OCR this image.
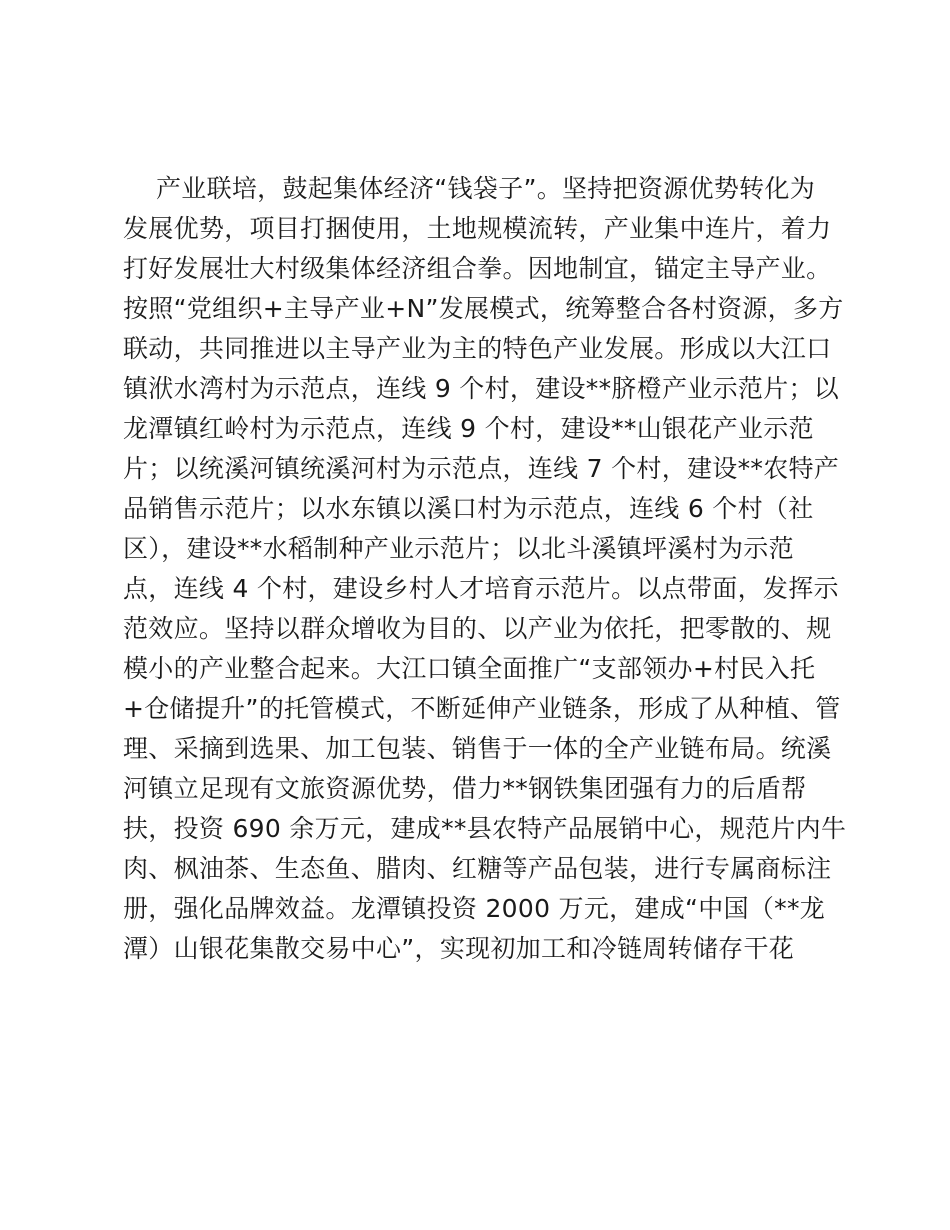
产业联培，鼓起集体经济“钱袋子”。坚持把资源优势转化为
发展优势，项目打捆使用，土地规模流转，产业集中连片，着力
打好发展壮大村级集体经济组合拳。因地制宜，锚定主导产业。
按照“党组织+主导产业+N”发展模式，统筹整合各村资源，多方
联动，共同推进以主导产业为主的特色产业发展。形成以大江口
镇洑水湾村为示范点，连线 9 个村，建设**脐橙产业示范片；以
龙潭镇红岭村为示范点，连线 9 个村，建设**山银花产业示范
片；以统溪河镇统溪河村为示范点，连线 7 个村，建设**农特产
品销售示范片；以水东镇以溪口村为示范点，连线 6 个村（社
区），建设**水稻制种产业示范片；以北斗溪镇坪溪村为示范
点，连线 4 个村，建设乡村人才培育示范片。以点带面，发挥示
范效应。坚持以群众增收为目的、以产业为依托，把零散的、规
模小的产业整合起来。大江口镇全面推广“支部领办+村民入托
+仓储提升”的托管模式，不断延伸产业链条，形成了从种植、管
理、采摘到选果、加工包装、销售于一体的全产业链布局。统溪
河镇立足现有文旅资源优势，借力**钢铁集团强有力的后盾帮
扶，投资 690 余万元，建成**县农特产品展销中心，规范片内牛
肉、枫油茶、生态鱼、腊肉、红糖等产品包装，进行专属商标注
册，强化品牌效益。龙潭镇投资 2000 万元，建成“中国（**龙
潭）山银花集散交易中心”，实现初加工和冷链周转储存干花
